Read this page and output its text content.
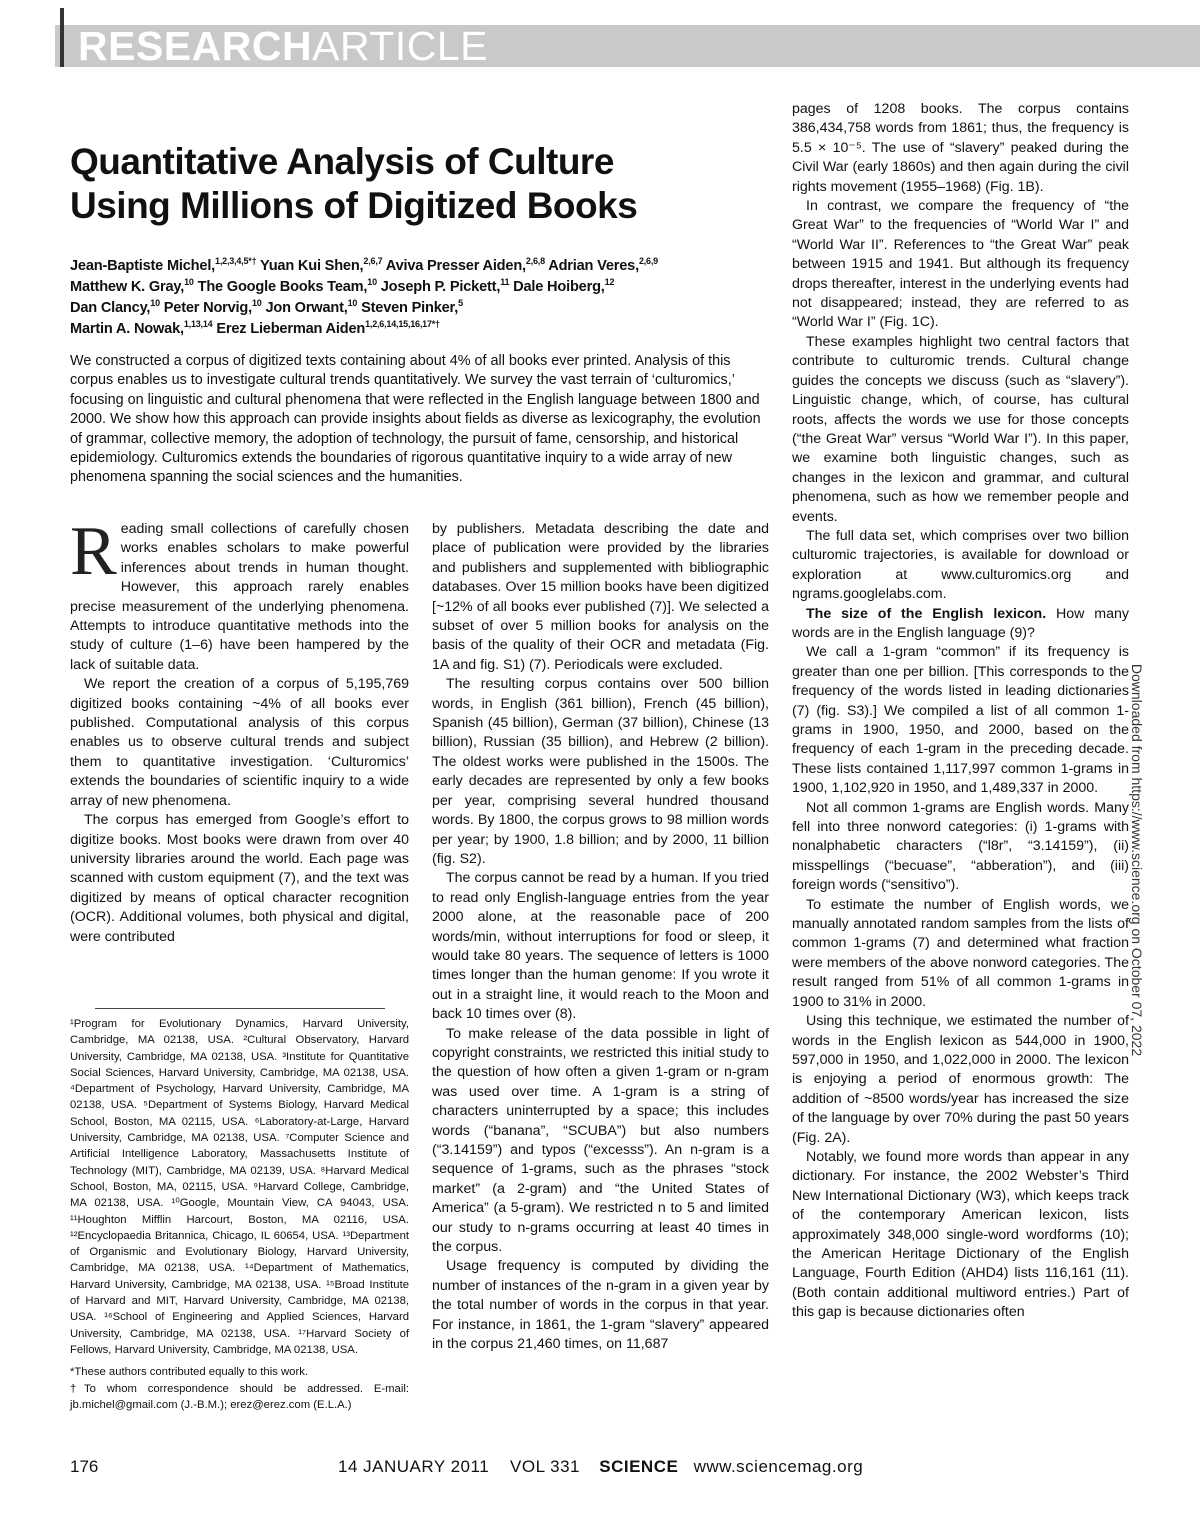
RESEARCHARTICLE
Quantitative Analysis of Culture Using Millions of Digitized Books
Jean-Baptiste Michel,$^{1,2,3,4,5*\dagger}$ Yuan Kui Shen,$^{2,6,7}$ Aviva Presser Aiden,$^{2,6,8}$ Adrian Veres,$^{2,6,9}$
Matthew K. Gray,$^{10}$ The Google Books Team,$^{10}$ Joseph P. Pickett,$^{11}$ Dale Hoiberg,$^{12}$
Dan Clancy,$^{10}$ Peter Norvig,$^{10}$ Jon Orwant,$^{10}$ Steven Pinker,$^5$
Martin A. Nowak,$^{1,13,14}$ Erez Lieberman Aiden$^{1,2,6,14,15,16,17*\dagger}$

We constructed a corpus of digitized texts containing about 4% of all books ever printed. Analysis of this corpus enables us to investigate cultural trends quantitatively. We survey the vast terrain of ‘culturomics,’ focusing on linguistic and cultural phenomena that were reflected in the English language between 1800 and 2000. We show how this approach can provide insights about fields as diverse as lexicography, the evolution of grammar, collective memory, the adoption of technology, the pursuit of fame, censorship, and historical epidemiology. Culturomics extends the boundaries of rigorous quantitative inquiry to a wide array of new phenomena spanning the social sciences and the humanities.

R eading small collections of carefully chosen works enables scholars to make powerful inferences about trends in human thought. However, this approach rarely enables precise measurement of the underlying phenomena. Attempts to introduce quantitative methods into the study of culture (1–6) have been hampered by the lack of suitable data.

We report the creation of a corpus of 5,195,769 digitized books containing ~4% of all books ever published. Computational analysis of this corpus enables us to observe cultural trends and subject them to quantitative investigation. ‘Culturomics’ extends the boundaries of scientific inquiry to a wide array of new phenomena.

The corpus has emerged from Google’s effort to digitize books. Most books were drawn from over 40 university libraries around the world. Each page was scanned with custom equipment (7), and the text was digitized by means of optical character recognition (OCR). Additional volumes, both physical and digital, were contributed

¹Program for Evolutionary Dynamics, Harvard University, Cambridge, MA 02138, USA. ²Cultural Observatory, Harvard University, Cambridge, MA 02138, USA. ³Institute for Quantitative Social Sciences, Harvard University, Cambridge, MA 02138, USA. ⁴Department of Psychology, Harvard University, Cambridge, MA 02138, USA. ⁵Department of Systems Biology, Harvard Medical School, Boston, MA 02115, USA. ⁶Laboratory-at-Large, Harvard University, Cambridge, MA 02138, USA. ⁷Computer Science and Artificial Intelligence Laboratory, Massachusetts Institute of Technology (MIT), Cambridge, MA 02139, USA. ⁸Harvard Medical School, Boston, MA, 02115, USA. ⁹Harvard College, Cambridge, MA 02138, USA. ¹⁰Google, Mountain View, CA 94043, USA. ¹¹Houghton Mifflin Harcourt, Boston, MA 02116, USA. ¹²Encyclopaedia Britannica, Chicago, IL 60654, USA. ¹³Department of Organismic and Evolutionary Biology, Harvard University, Cambridge, MA 02138, USA. ¹⁴Department of Mathematics, Harvard University, Cambridge, MA 02138, USA. ¹⁵Broad Institute of Harvard and MIT, Harvard University, Cambridge, MA 02138, USA. ¹⁶School of Engineering and Applied Sciences, Harvard University, Cambridge, MA 02138, USA. ¹⁷Harvard Society of Fellows, Harvard University, Cambridge, MA 02138, USA.

*These authors contributed equally to this work.

†To whom correspondence should be addressed. E-mail: jb.michel@gmail.com (J.-B.M.); erez@erez.com (E.L.A.)

by publishers. Metadata describing the date and place of publication were provided by the libraries and publishers and supplemented with bibliographic databases. Over 15 million books have been digitized [~12% of all books ever published (7)]. We selected a subset of over 5 million books for analysis on the basis of the quality of their OCR and metadata (Fig. 1A and fig. S1) (7). Periodicals were excluded.

The resulting corpus contains over 500 billion words, in English (361 billion), French (45 billion), Spanish (45 billion), German (37 billion), Chinese (13 billion), Russian (35 billion), and Hebrew (2 billion). The oldest works were published in the 1500s. The early decades are represented by only a few books per year, comprising several hundred thousand words. By 1800, the corpus grows to 98 million words per year; by 1900, 1.8 billion; and by 2000, 11 billion (fig. S2).

The corpus cannot be read by a human. If you tried to read only English-language entries from the year 2000 alone, at the reasonable pace of 200 words/min, without interruptions for food or sleep, it would take 80 years. The sequence of letters is 1000 times longer than the human genome: If you wrote it out in a straight line, it would reach to the Moon and back 10 times over (8).

To make release of the data possible in light of copyright constraints, we restricted this initial study to the question of how often a given 1-gram or n-gram was used over time. A 1-gram is a string of characters uninterrupted by a space; this includes words (“banana”, “SCUBA”) but also numbers (“3.14159”) and typos (“excesss”). An n-gram is a sequence of 1-grams, such as the phrases “stock market” (a 2-gram) and “the United States of America” (a 5-gram). We restricted n to 5 and limited our study to n-grams occurring at least 40 times in the corpus.

Usage frequency is computed by dividing the number of instances of the n-gram in a given year by the total number of words in the corpus in that year. For instance, in 1861, the 1-gram “slavery” appeared in the corpus 21,460 times, on 11,687

pages of 1208 books. The corpus contains 386,434,758 words from 1861; thus, the frequency is 5.5 × 10⁻⁵. The use of “slavery” peaked during the Civil War (early 1860s) and then again during the civil rights movement (1955–1968) (Fig. 1B).

In contrast, we compare the frequency of “the Great War” to the frequencies of “World War I” and “World War II”. References to “the Great War” peak between 1915 and 1941. But although its frequency drops thereafter, interest in the underlying events had not disappeared; instead, they are referred to as “World War I” (Fig. 1C).

These examples highlight two central factors that contribute to culturomic trends. Cultural change guides the concepts we discuss (such as “slavery”). Linguistic change, which, of course, has cultural roots, affects the words we use for those concepts (“the Great War” versus “World War I”). In this paper, we examine both linguistic changes, such as changes in the lexicon and grammar, and cultural phenomena, such as how we remember people and events.

The full data set, which comprises over two billion culturomic trajectories, is available for download or exploration at www.culturomics.org and ngrams.googlelabs.com.

The size of the English lexicon. How many words are in the English language (9)?

We call a 1-gram “common” if its frequency is greater than one per billion. [This corresponds to the frequency of the words listed in leading dictionaries (7) (fig. S3).] We compiled a list of all common 1-grams in 1900, 1950, and 2000, based on the frequency of each 1-gram in the preceding decade. These lists contained 1,117,997 common 1-grams in 1900, 1,102,920 in 1950, and 1,489,337 in 2000.

Not all common 1-grams are English words. Many fell into three nonword categories: (i) 1-grams with nonalphabetic characters (“l8r”, “3.14159”), (ii) misspellings (“becuase”, “abberation”), and (iii) foreign words (“sensitivo”).

To estimate the number of English words, we manually annotated random samples from the lists of common 1-grams (7) and determined what fraction were members of the above nonword categories. The result ranged from 51% of all common 1-grams in 1900 to 31% in 2000.

Using this technique, we estimated the number of words in the English lexicon as 544,000 in 1900, 597,000 in 1950, and 1,022,000 in 2000. The lexicon is enjoying a period of enormous growth: The addition of ~8500 words/year has increased the size of the language by over 70% during the past 50 years (Fig. 2A).

Notably, we found more words than appear in any dictionary. For instance, the 2002 Webster’s Third New International Dictionary (W3), which keeps track of the contemporary American lexicon, lists approximately 348,000 single-word wordforms (10); the American Heritage Dictionary of the English Language, Fourth Edition (AHD4) lists 116,161 (11). (Both contain additional multiword entries.) Part of this gap is because dictionaries often

Downloaded from https://www.science.org on October 07, 2022
176	14 JANUARY 2011    VOL 331 SCIENCE www.sciencemag.org
